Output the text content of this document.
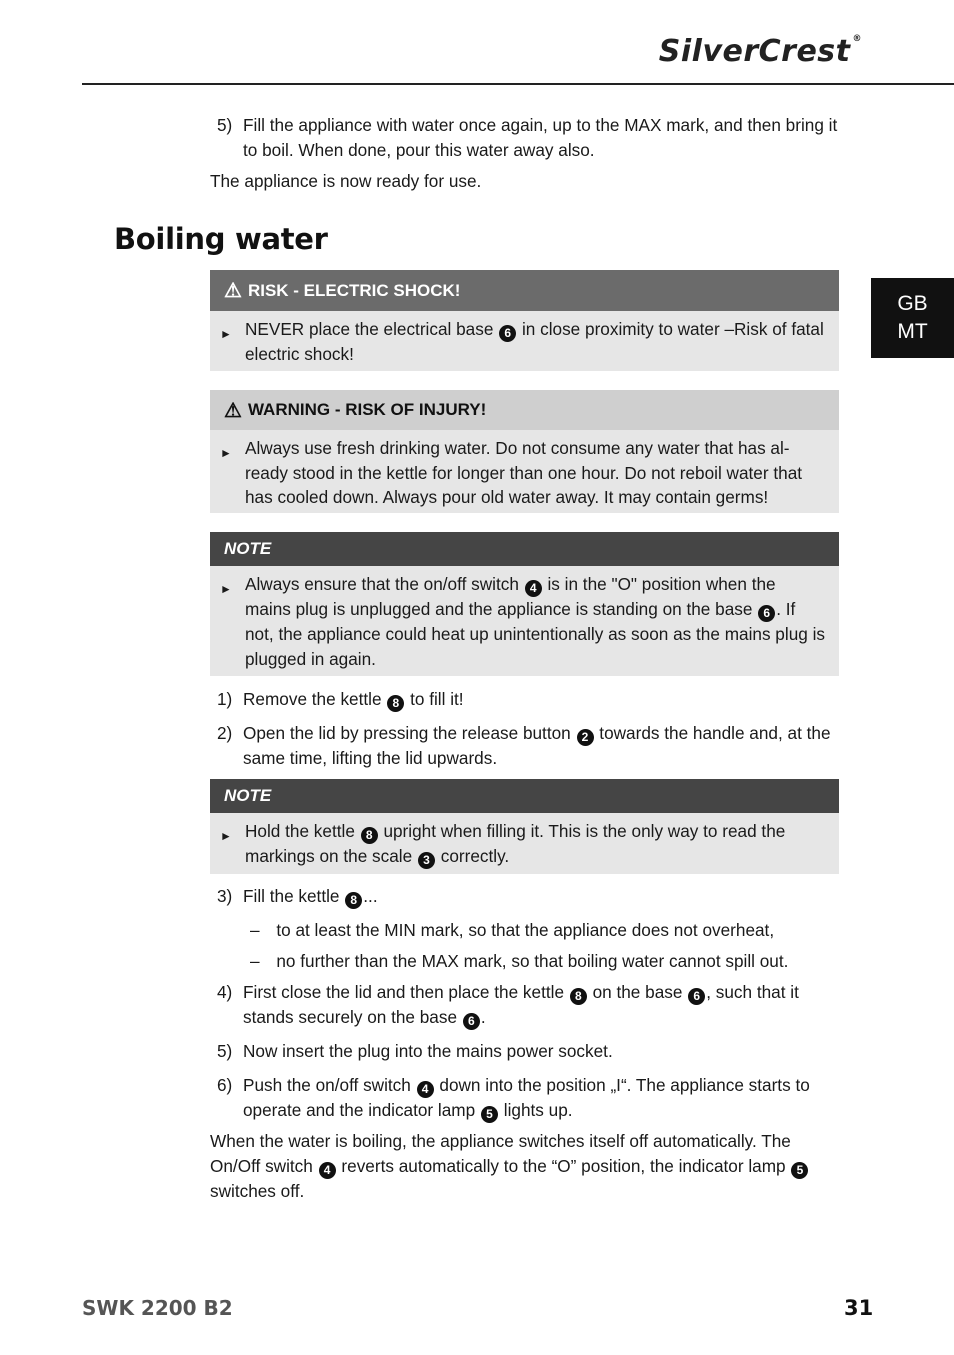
SilverCrest ®
GB
MT
5) Fill the appliance with water once again, up to the MAX mark, and then bring it to boil. When done, pour this water away also.
The appliance is now ready for use.
Boiling water
⚠ RISK - ELECTRIC SHOCK!
► NEVER place the electrical base 6 in close proximity to water –Risk of fatal electric shock!
⚠ WARNING - RISK OF INJURY!
► Always use fresh drinking water. Do not consume any water that has al-ready stood in the kettle for longer than one hour. Do not reboil water that has cooled down. Always pour old water away. It may contain germs!
NOTE
► Always ensure that the on/off switch 4 is in the "O" position when the mains plug is unplugged and the appliance is standing on the base 6 . If not, the appliance could heat up unintentionally as soon as the mains plug is plugged in again.
1) Remove the kettle 8 to fill it!
2) Open the lid by pressing the release button 2 towards the handle and, at the same time, lifting the lid upwards.
NOTE
► Hold the kettle 8 upright when filling it. This is the only way to read the markings on the scale 3 correctly.
3) Fill the kettle 8 ...
– to at least the MIN mark, so that the appliance does not overheat,
– no further than the MAX mark, so that boiling water cannot spill out.
4) First close the lid and then place the kettle 8 on the base 6 , such that it stands securely on the base 6 .
5) Now insert the plug into the mains power socket.
6) Push the on/off switch 4 down into the position „I“. The appliance starts to operate and the indicator lamp 5 lights up.
When the water is boiling, the appliance switches itself off automatically. The On/Off switch 4 reverts automatically to the “O” position, the indicator lamp 5 switches off.
SWK 2200 B2	31
